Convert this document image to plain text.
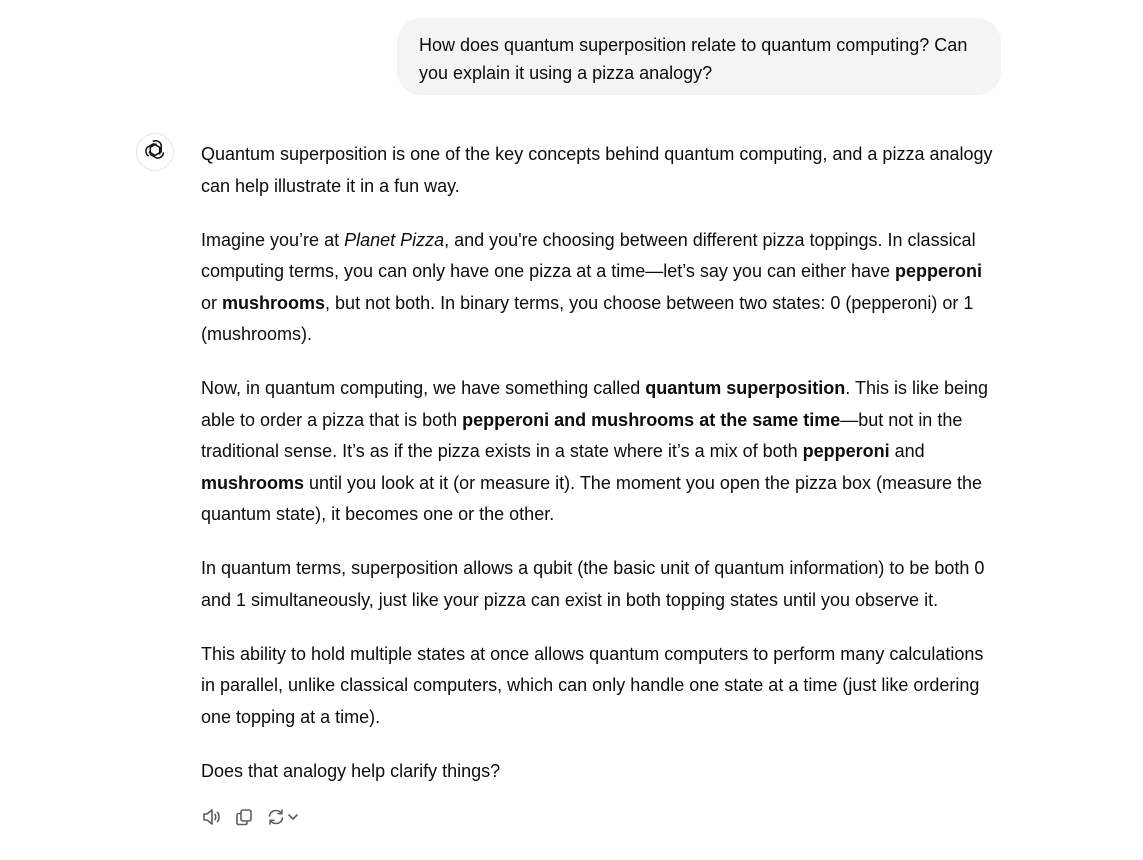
How does quantum superposition relate to quantum computing? Can you explain it using a pizza analogy?

Quantum superposition is one of the key concepts behind quantum computing, and a pizza analogy can help illustrate it in a fun way.

Imagine you’re at Planet Pizza, and you're choosing between different pizza toppings. In classical computing terms, you can only have one pizza at a time—let’s say you can either have pepperoni or mushrooms, but not both. In binary terms, you choose between two states: 0 (pepperoni) or 1 (mushrooms).

Now, in quantum computing, we have something called quantum superposition. This is like being able to order a pizza that is both pepperoni and mushrooms at the same time—but not in the traditional sense. It’s as if the pizza exists in a state where it’s a mix of both pepperoni and mushrooms until you look at it (or measure it). The moment you open the pizza box (measure the quantum state), it becomes one or the other.

In quantum terms, superposition allows a qubit (the basic unit of quantum information) to be both 0 and 1 simultaneously, just like your pizza can exist in both topping states until you observe it.

This ability to hold multiple states at once allows quantum computers to perform many calculations in parallel, unlike classical computers, which can only handle one state at a time (just like ordering one topping at a time).

Does that analogy help clarify things?
